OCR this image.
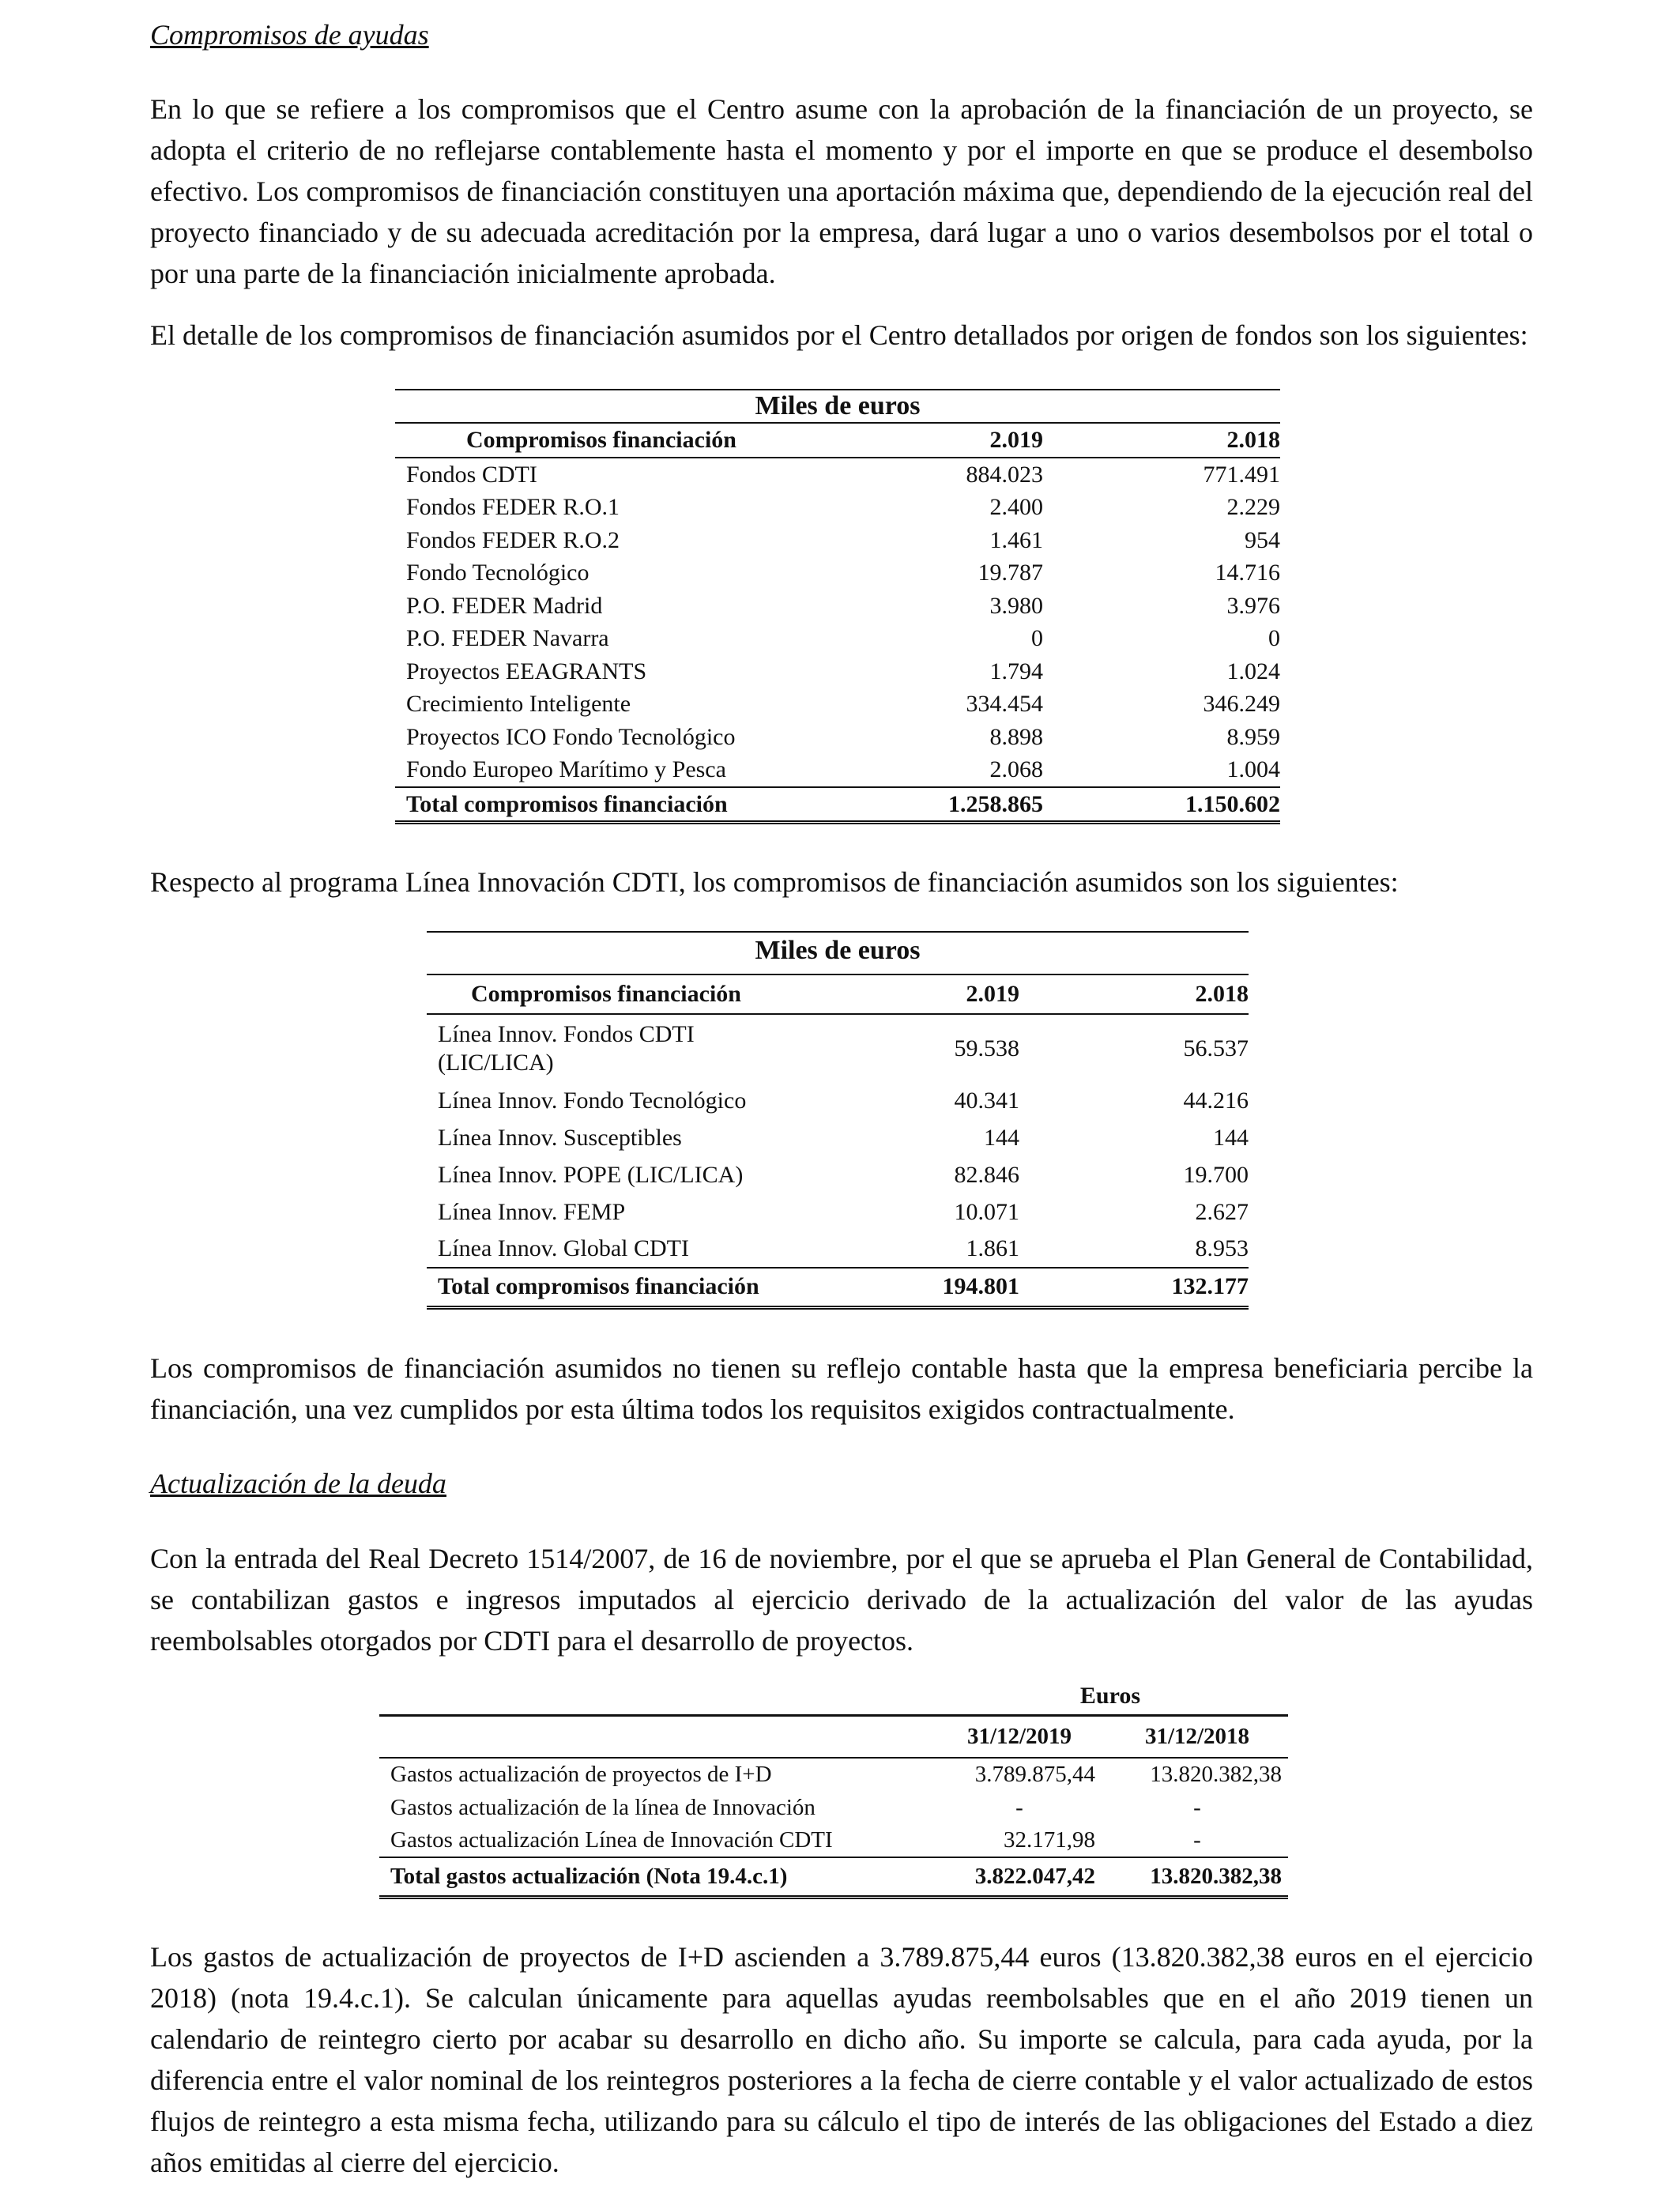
Compromisos de ayudas

En lo que se refiere a los compromisos que el Centro asume con la aprobación de la financiación de un proyecto, se adopta el criterio de no reflejarse contablemente hasta el momento y por el importe en que se produce el desembolso efectivo. Los compromisos de financiación constituyen una aportación máxima que, dependiendo de la ejecución real del proyecto financiado y de su adecuada acreditación por la empresa, dará lugar a uno o varios desembolsos por el total o por una parte de la financiación inicialmente aprobada.

El detalle de los compromisos de financiación asumidos por el Centro detallados por origen de fondos son los siguientes:

Miles de euros
Compromisos financiación	2.019	2.018
Fondos CDTI	884.023	771.491
Fondos FEDER R.O.1	2.400	2.229
Fondos FEDER R.O.2	1.461	954
Fondo Tecnológico	19.787	14.716
P.O. FEDER Madrid	3.980	3.976
P.O. FEDER Navarra	0	0
Proyectos EEAGRANTS	1.794	1.024
Crecimiento Inteligente	334.454	346.249
Proyectos ICO Fondo Tecnológico	8.898	8.959
Fondo Europeo Marítimo y Pesca	2.068	1.004
Total compromisos financiación	1.258.865	1.150.602

Respecto al programa Línea Innovación CDTI, los compromisos de financiación asumidos son los siguientes:

Miles de euros
Compromisos financiación	2.019	2.018

Línea Innov. Fondos CDTI (LIC/LICA)	59.538	56.537
Línea Innov. Fondo Tecnológico	40.341	44.216
Línea Innov. Susceptibles	144	144
Línea Innov. POPE (LIC/LICA)	82.846	19.700
Línea Innov. FEMP	10.071	2.627
Línea Innov. Global CDTI	1.861	8.953
Total compromisos financiación	194.801	132.177

Los compromisos de financiación asumidos no tienen su reflejo contable hasta que la empresa beneficiaria percibe la financiación, una vez cumplidos por esta última todos los requisitos exigidos contractualmente.

Actualización de la deuda

Con la entrada del Real Decreto 1514/2007, de 16 de noviembre, por el que se aprueba el Plan General de Contabilidad, se contabilizan gastos e ingresos imputados al ejercicio derivado de la actualización del valor de las ayudas reembolsables otorgados por CDTI para el desarrollo de proyectos.

	Euros	
	31/12/2019	31/12/2018
Gastos actualización de proyectos de I+D	3.789.875,44	13.820.382,38
Gastos actualización de la línea de Innovación	-	-
Gastos actualización Línea de Innovación CDTI	32.171,98	-
Total gastos actualización (Nota 19.4.c.1)	3.822.047,42	13.820.382,38

Los gastos de actualización de proyectos de I+D ascienden a 3.789.875,44 euros (13.820.382,38 euros en el ejercicio 2018) (nota 19.4.c.1). Se calculan únicamente para aquellas ayudas reembolsables que en el año 2019 tienen un calendario de reintegro cierto por acabar su desarrollo en dicho año. Su importe se calcula, para cada ayuda, por la diferencia entre el valor nominal de los reintegros posteriores a la fecha de cierre contable y el valor actualizado de estos flujos de reintegro a esta misma fecha, utilizando para su cálculo el tipo de interés de las obligaciones del Estado a diez años emitidas al cierre del ejercicio.
